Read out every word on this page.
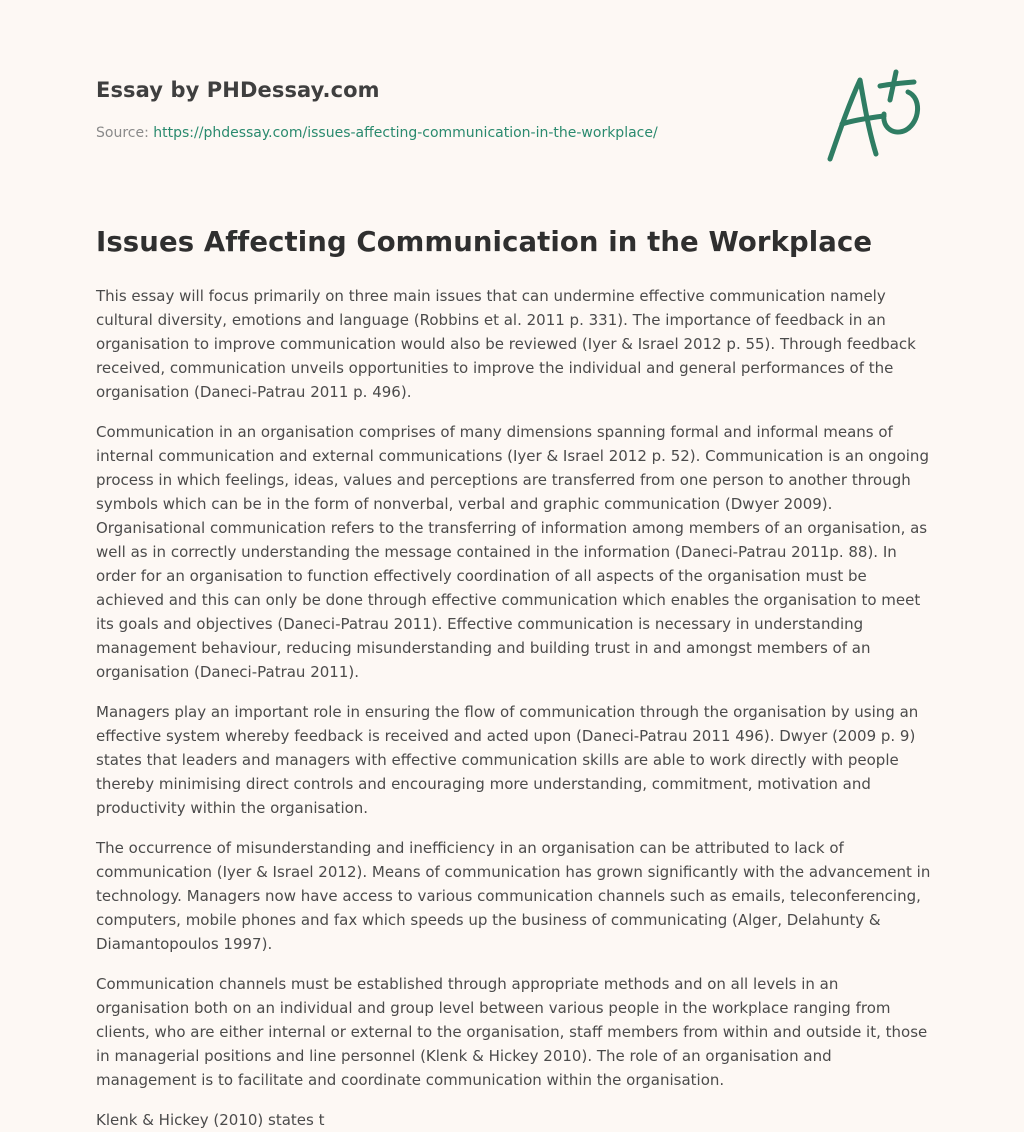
Essay by PHDessay.com
Source: https://phdessay.com/issues-affecting-communication-in-the-workplace/
Issues Affecting Communication in the Workplace

This essay will focus primarily on three main issues that can undermine effective communication namely cultural diversity, emotions and language (Robbins et al. 2011 p. 331). The importance of feedback in an organisation to improve communication would also be reviewed (Iyer & Israel 2012 p. 55). Through feedback received, communication unveils opportunities to improve the individual and general performances of the organisation (Daneci-Patrau 2011 p. 496).

Communication in an organisation comprises of many dimensions spanning formal and informal means of internal communication and external communications (Iyer & Israel 2012 p. 52). Communication is an ongoing process in which feelings, ideas, values and perceptions are transferred from one person to another through symbols which can be in the form of nonverbal, verbal and graphic communication (Dwyer 2009). Organisational communication refers to the transferring of information among members of an organisation, as well as in correctly understanding the message contained in the information (Daneci-Patrau 2011p. 88). In order for an organisation to function effectively coordination of all aspects of the organisation must be achieved and this can only be done through effective communication which enables the organisation to meet its goals and objectives (Daneci-Patrau 2011). Effective communication is necessary in understanding management behaviour, reducing misunderstanding and building trust in and amongst members of an organisation (Daneci-Patrau 2011).

Managers play an important role in ensuring the flow of communication through the organisation by using an effective system whereby feedback is received and acted upon (Daneci-Patrau 2011 496). Dwyer (2009 p. 9) states that leaders and managers with effective communication skills are able to work directly with people thereby minimising direct controls and encouraging more understanding, commitment, motivation and productivity within the organisation.

The occurrence of misunderstanding and inefficiency in an organisation can be attributed to lack of communication (Iyer & Israel 2012). Means of communication has grown significantly with the advancement in technology. Managers now have access to various communication channels such as emails, teleconferencing, computers, mobile phones and fax which speeds up the business of communicating (Alger, Delahunty & Diamantopoulos 1997).

Communication channels must be established through appropriate methods and on all levels in an organisation both on an individual and group level between various people in the workplace ranging from clients, who are either internal or external to the organisation, staff members from within and outside it, those in managerial positions and line personnel (Klenk & Hickey 2010). The role of an organisation and management is to facilitate and coordinate communication within the organisation.

Klenk & Hickey (2010) states t
